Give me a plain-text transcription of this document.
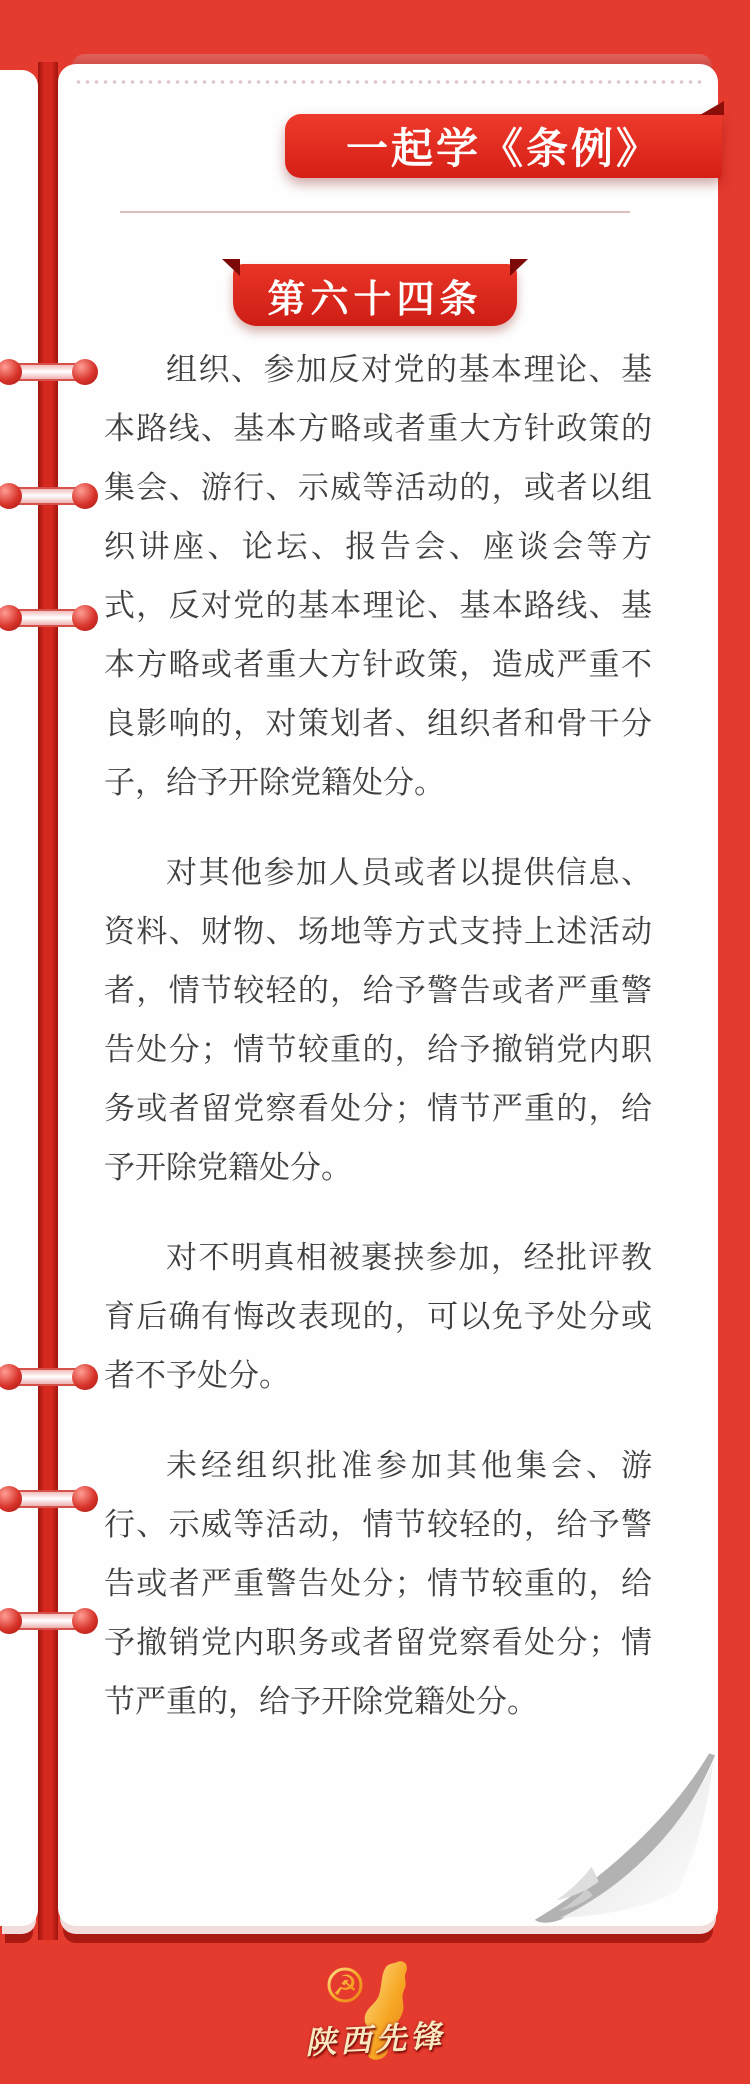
一起学《条例》
第六十四条

组织、参加反对党的基本理论、基本路线、基本方略或者重大方针政策的集会、游行、示威等活动的，或者以组织讲座、论坛、报告会、座谈会等方式，反对党的基本理论、基本路线、基本方略或者重大方针政策，造成严重不良影响的，对策划者、组织者和骨干分子，给予开除党籍处分。

对其他参加人员或者以提供信息、资料、财物、场地等方式支持上述活动者，情节较轻的，给予警告或者严重警告处分；情节较重的，给予撤销党内职务或者留党察看处分；情节严重的，给予开除党籍处分。

对不明真相被裹挟参加，经批评教育后确有悔改表现的，可以免予处分或者不予处分。

未经组织批准参加其他集会、游行、示威等活动，情节较轻的，给予警告或者严重警告处分；情节较重的，给予撤销党内职务或者留党察看处分；情节严重的，给予开除党籍处分。

☭
陕西先锋
